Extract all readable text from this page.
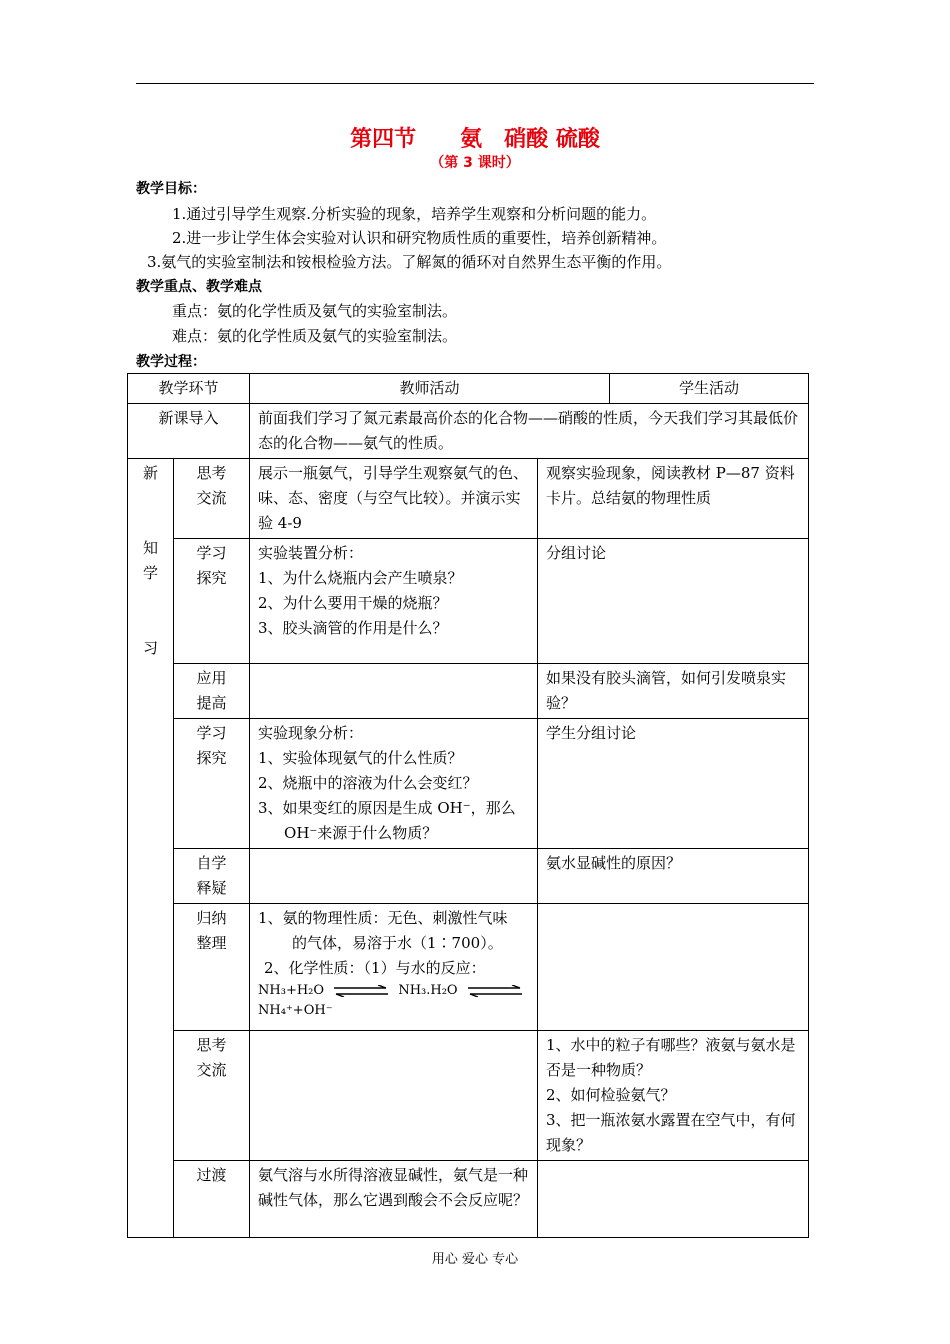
第四节　　氨　硝酸 硫酸
（第 3 课时）
教学目标：
1.通过引导学生观察.分析实验的现象，培养学生观察和分析问题的能力。
2.进一步让学生体会实验对认识和研究物质性质的重要性，培养创新精神。
3.氨气的实验室制法和铵根检验方法。了解氮的循环对自然界生态平衡的作用。
教学重点、教学难点
重点：氨的化学性质及氨气的实验室制法。
难点：氨的化学性质及氨气的实验室制法。
教学过程：
教学环节		教师活动		学生活动
新课导入		前面我们学习了氮元素最高价态的化合物——硝酸的性质，今天我们学习其最低价态的化合物——氨气的性质。		

新
知
学
习	思考
交流	展示一瓶氨气，引导学生观察氨气的色、味、态、密度（与空气比较）。并演示实验 4-9	观察实验现象，阅读教材 P—87 资料卡片。总结氨的物理性质	

	学习
探究	实验装置分析：
1、为什么烧瓶内会产生喷泉？
2、为什么要用干燥的烧瓶？
3、胶头滴管的作用是什么？	分组讨论	

	应用
提高		如果没有胶头滴管，如何引发喷泉实验？	

	学习
探究	实验现象分析：
1、实验体现氨气的什么性质？
2、烧瓶中的溶液为什么会变红？
3、如果变红的原因是生成 OH⁻，那么
OH⁻来源于什么物质？	学生分组讨论	

	自学
释疑		氨水显碱性的原因？	

	归纳
整理	1、氨的物理性质：无色、刺激性气味
的气体，易溶于水（1∶700）。
2、化学性质：（1）与水的反应：
NH₃+H₂O NH₃.H₂O
NH₄⁺+OH⁻		

	思考
交流		1、水中的粒子有哪些？液氨与氨水是否是一种物质？
2、如何检验氨气？
3、把一瓶浓氨水露置在空气中，有何现象？	

	过渡	氨气溶与水所得溶液显碱性，氨气是一种碱性气体，那么它遇到酸会不会反应呢？		
用心 爱心 专心
